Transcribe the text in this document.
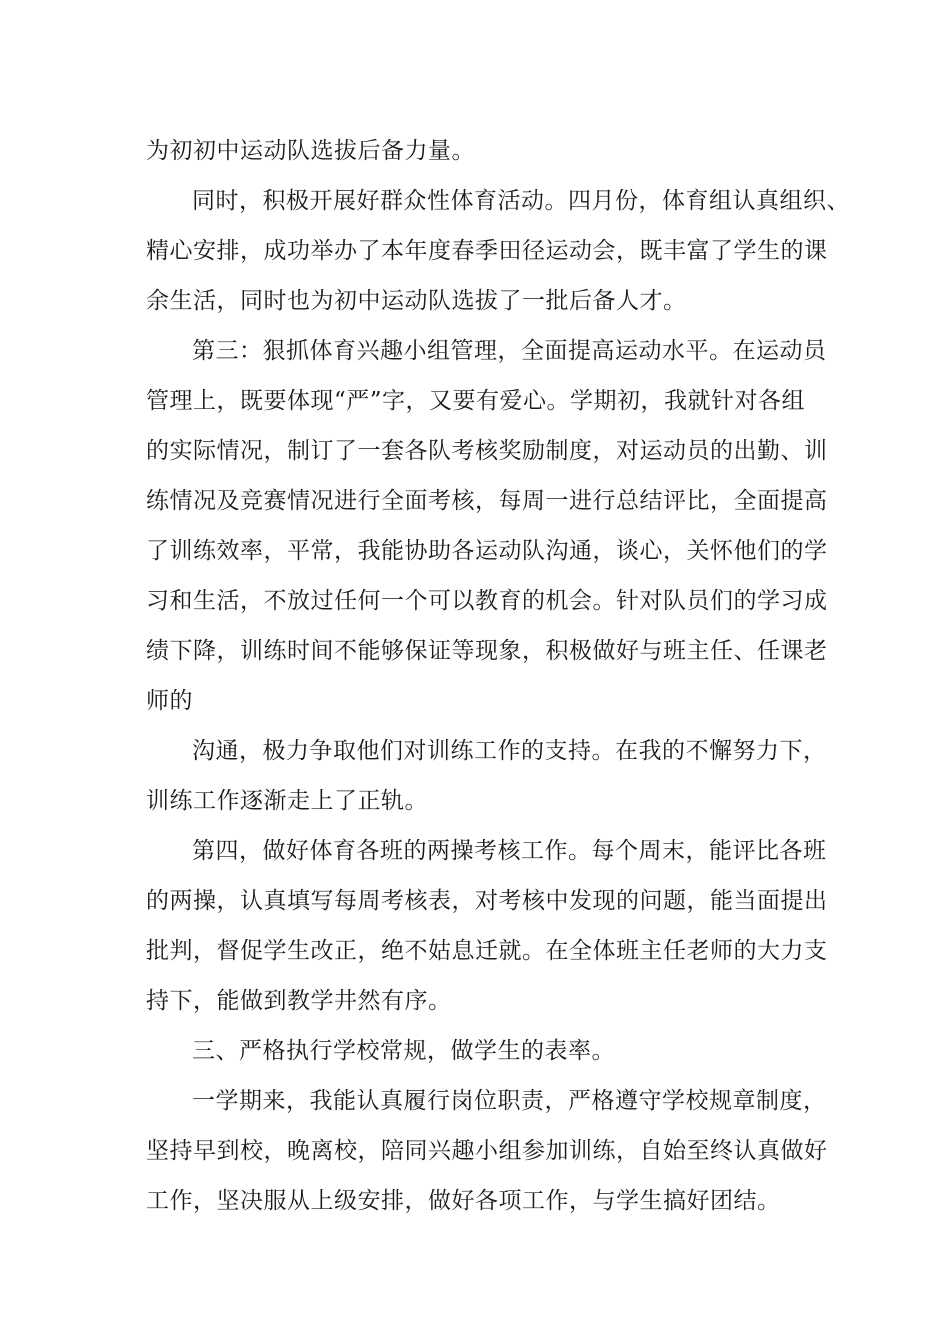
为初初中运动队选拔后备力量。
同时，积极开展好群众性体育活动。四月份，体育组认真组织、
精心安排，成功举办了本年度春季田径运动会，既丰富了学生的课
余生活，同时也为初中运动队选拔了一批后备人才。
第三：狠抓体育兴趣小组管理，全面提高运动水平。在运动员
管理上，既要体现“严”字，又要有爱心。学期初，我就针对各组
的实际情况，制订了一套各队考核奖励制度，对运动员的出勤、训
练情况及竞赛情况进行全面考核，每周一进行总结评比，全面提高
了训练效率，平常，我能协助各运动队沟通，谈心，关怀他们的学
习和生活，不放过任何一个可以教育的机会。针对队员们的学习成
绩下降，训练时间不能够保证等现象，积极做好与班主任、任课老
师的
沟通，极力争取他们对训练工作的支持。在我的不懈努力下，
训练工作逐渐走上了正轨。
第四，做好体育各班的两操考核工作。每个周末，能评比各班
的两操，认真填写每周考核表，对考核中发现的问题，能当面提出
批判，督促学生改正，绝不姑息迁就。在全体班主任老师的大力支
持下，能做到教学井然有序。
三、严格执行学校常规，做学生的表率。
一学期来，我能认真履行岗位职责，严格遵守学校规章制度，
坚持早到校，晚离校，陪同兴趣小组参加训练，自始至终认真做好
工作，坚决服从上级安排，做好各项工作，与学生搞好团结。
